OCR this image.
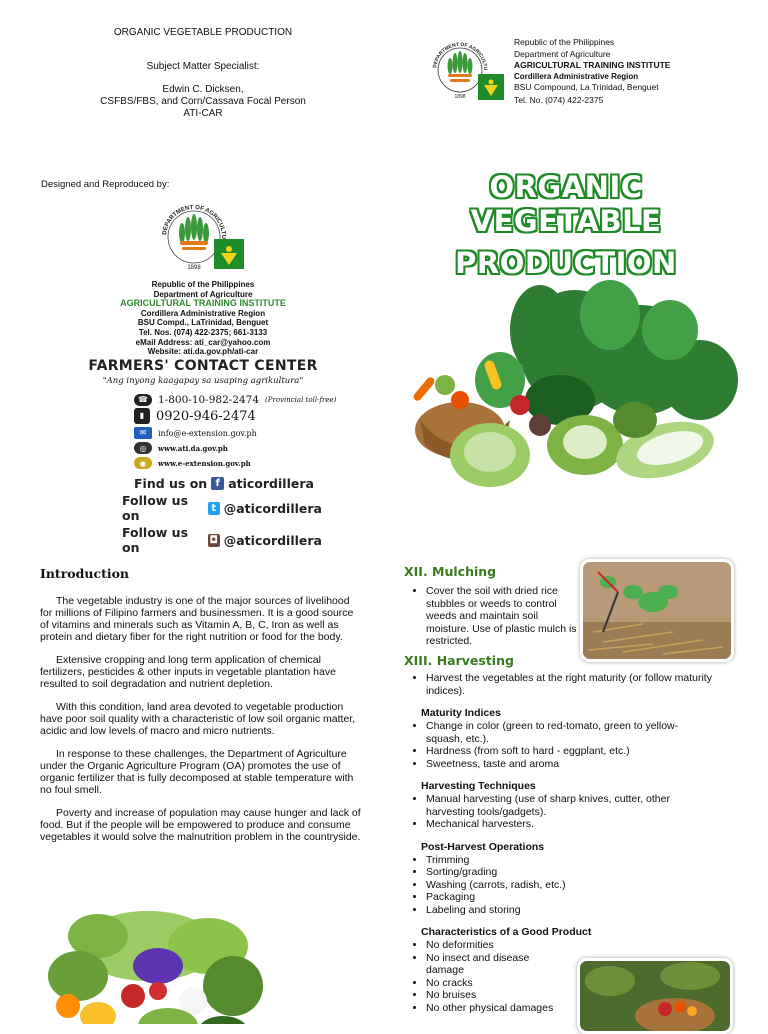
ORGANIC VEGETABLE PRODUCTION
Subject Matter Specialist:
Edwin C. Dicksen,
CSFBS/FBS, and Corn/Cassava Focal Person
ATI-CAR
Designed and Reproduced by:
DEPARTMENT OF AGRICULTU
1898
Republic of the Philippines
Department of Agriculture
AGRICULTURAL TRAINING INSTITUTE
Cordillera Administrative Region
BSU Compd., LaTrinidad, Benguet
Tel. Nos. (074) 422-2375; 661-3133
eMail Address: ati_car@yahoo.com
Website: ati.da.gov.ph/ati-car
FARMERS' CONTACT CENTER
"Ang inyong kaagapay sa usaping agrikultura"
☎ 1-800-10-982-2474 (Provincial toll-free)
▮ 0920-946-2474
✉	info@e-extension.gov.ph
◎	www.ati.da.gov.ph
◉	www.e-extension.gov.ph
Find us on f aticordillera
Follow us on	t @aticordillera
Follow us on	◘ @aticordillera
DEPARTMENT OF AGRICULTU
1898
Republic of the Philippines
Department of Agriculture
AGRICULTURAL TRAINING INSTITUTE
Cordillera Administrative Region
BSU Compound, La Trinidad, Benguet
Tel. No. (074) 422-2375
ORGANIC VEGETABLE
PRODUCTION
Introduction

The vegetable industry is one of the major sources of livelihood for millions of Filipino farmers and businessmen. It is a good source of vitamins and minerals such as Vitamin A, B, C, Iron as well as protein and dietary fiber for the right nutrition or food for the body.

Extensive cropping and long term application of chemical fertilizers, pesticides & other inputs in vegetable plantation have resulted to soil degradation and nutrient depletion.

With this condition, land area devoted to vegetable production have poor soil quality with a characteristic of low soil organic matter, acidic and low levels of macro and micro nutrients.

In response to these challenges, the Department of Agriculture under the Organic Agriculture Program (OA) promotes the use of organic fertilizer that is fully decomposed at stable temperature with no foul smell.

Poverty and increase of population may cause hunger and lack of food. But if the people will be empowered to produce and consume vegetables it would solve the malnutrition problem in the countryside.

XII. Mulching
• Cover the soil with dried rice stubbles or weeds to control weeds and maintain soil moisture. Use of plastic mulch is restricted.
XIII. Harvesting
• Harvest the vegetables at the right maturity (or follow maturity indices).
Maturity Indices
• Change in color (green to red-tomato, green to yellow-squash, etc.).
• Hardness (from soft to hard - eggplant, etc.)
• Sweetness, taste and aroma
Harvesting Techniques
• Manual harvesting (use of sharp knives, cutter, other harvesting tools/gadgets).
• Mechanical harvesters.
Post-Harvest Operations
• Trimming
• Sorting/grading
• Washing (carrots, radish, etc.)
• Packaging
• Labeling and storing
Characteristics of a Good Product
• No deformities
• No insect and disease damage
• No cracks
• No bruises
• No other physical damages
